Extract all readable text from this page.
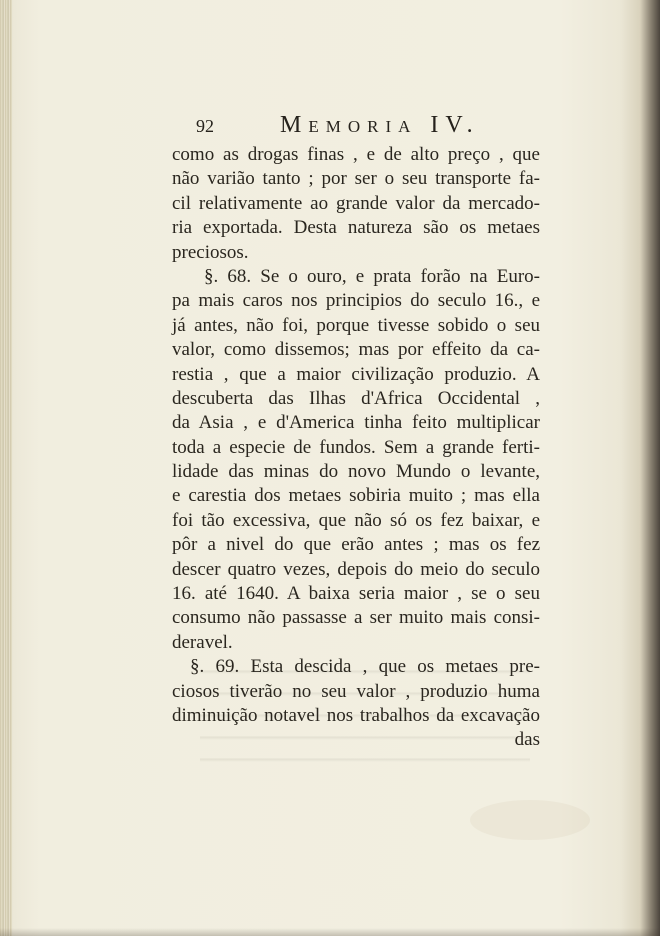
92	Memoria IV.
como as drogas finas , e de alto preço , que
não varião tanto ; por ser o seu transporte fa-
cil relativamente ao grande valor da mercado-
ria exportada. Desta natureza são os metaes
preciosos.
§. 68. Se o ouro, e prata forão na Euro-
pa mais caros nos principios do seculo 16., e
já antes, não foi, porque tivesse sobido o seu
valor, como dissemos; mas por effeito da ca-
restia , que a maior civilização produzio. A
descuberta das Ilhas d'Africa Occidental ,
da Asia , e d'America tinha feito multiplicar
toda a especie de fundos. Sem a grande ferti-
lidade das minas do novo Mundo o levante,
e carestia dos metaes sobiria muito ; mas ella
foi tão excessiva, que não só os fez baixar, e
pôr a nivel do que erão antes ; mas os fez
descer quatro vezes, depois do meio do seculo
16. até 1640. A baixa seria maior , se o seu
consumo não passasse a ser muito mais consi-
deravel.
§. 69. Esta descida , que os metaes pre-
ciosos tiverão no seu valor , produzio huma
diminuição notavel nos trabalhos da excavação
das
